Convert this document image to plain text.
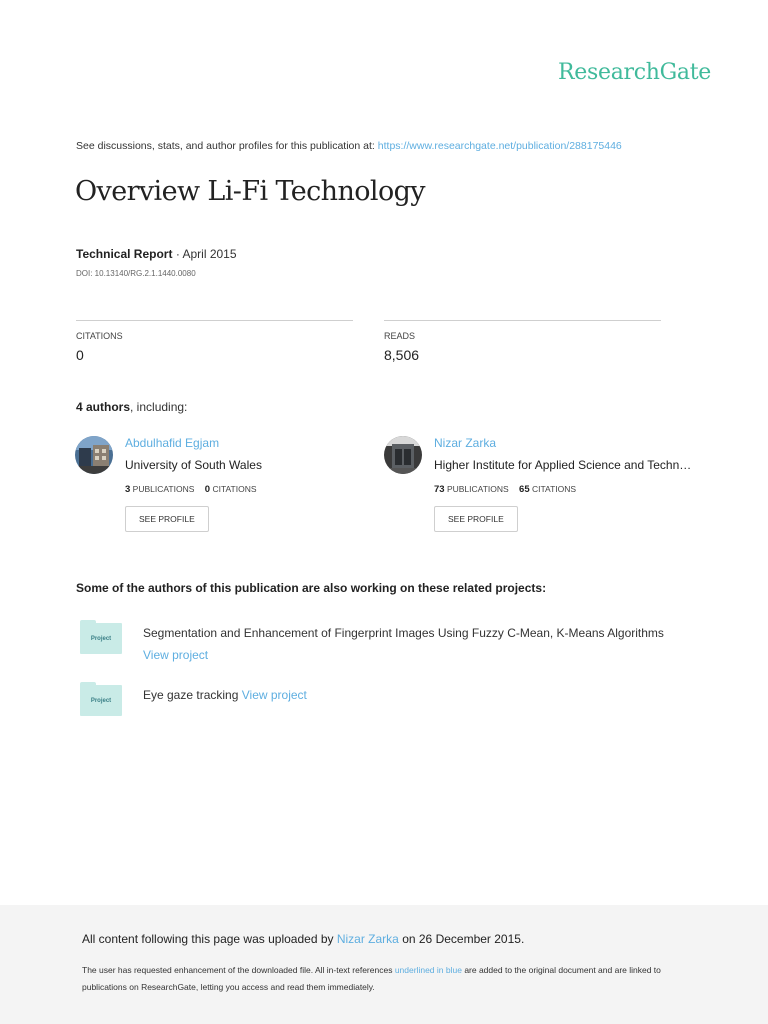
ResearchGate
See discussions, stats, and author profiles for this publication at: https://www.researchgate.net/publication/288175446
Overview Li-Fi Technology
Technical Report · April 2015
DOI: 10.13140/RG.2.1.1440.0080
CITATIONS
0
READS
8,506
4 authors, including:
Abdulhafid Egjam
University of South Wales
3 PUBLICATIONS 0 CITATIONS
SEE PROFILE
Nizar Zarka
Higher Institute for Applied Science and Techn…
73 PUBLICATIONS 65 CITATIONS
SEE PROFILE
Some of the authors of this publication are also working on these related projects:
Project	Segmentation and Enhancement of Fingerprint Images Using Fuzzy C-Mean, K-Means Algorithms View project
Project	Eye gaze tracking View project
All content following this page was uploaded by Nizar Zarka on 26 December 2015.
The user has requested enhancement of the downloaded file. All in-text references underlined in blue are added to the original document and are linked to publications on ResearchGate, letting you access and read them immediately.
